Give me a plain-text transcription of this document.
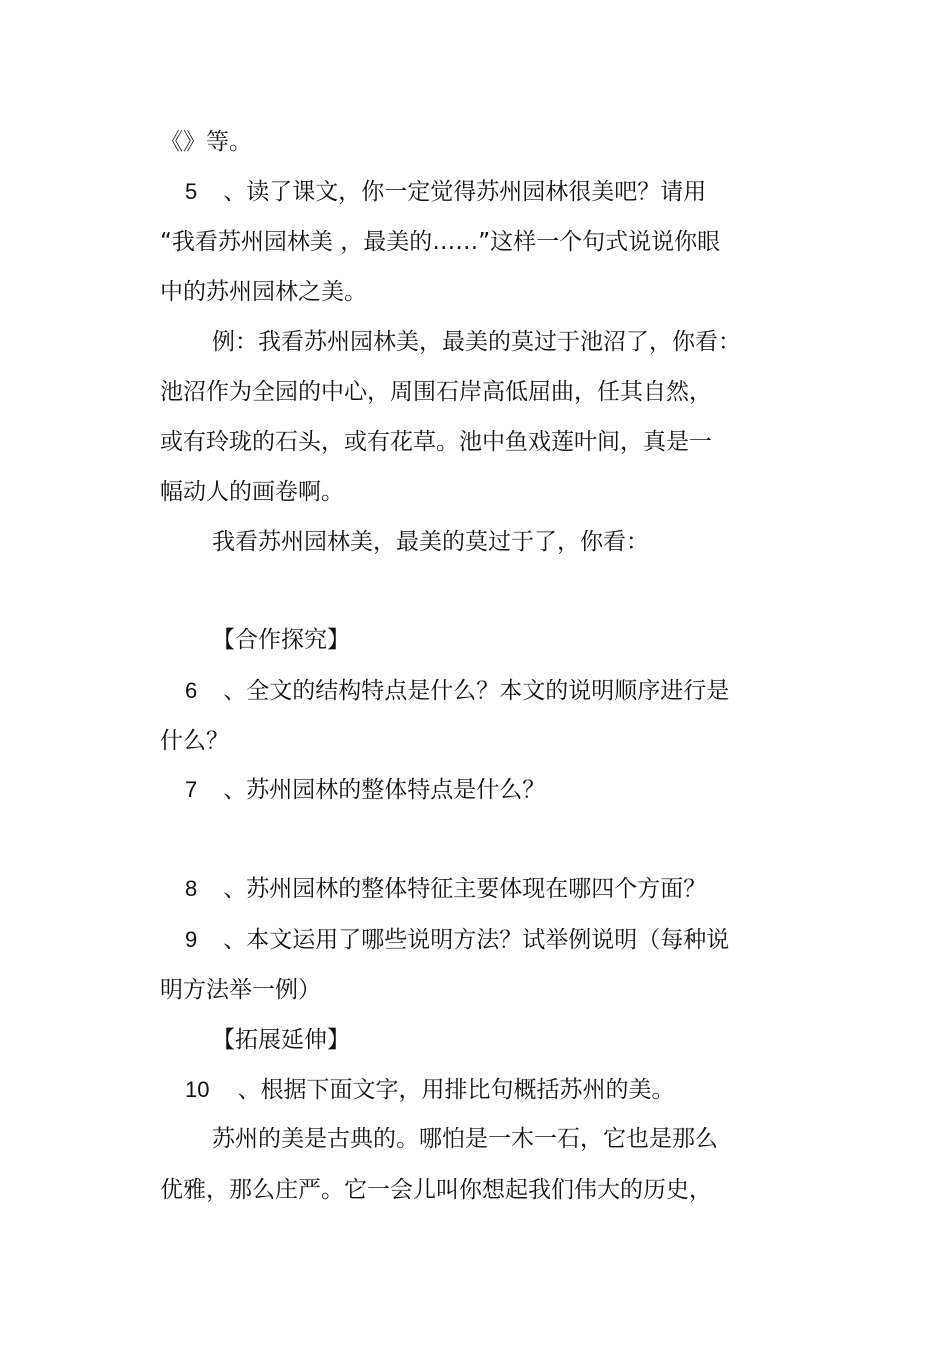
《》等。
5 、读了课文，你一定觉得苏州园林很美吧？请用
“我看苏州园林美 ，最美的……”这样一个句式说说你眼
中的苏州园林之美。
例：我看苏州园林美，最美的莫过于池沼了，你看：
池沼作为全园的中心，周围石岸高低屈曲，任其自然，
或有玲珑的石头，或有花草。池中鱼戏莲叶间，真是一
幅动人的画卷啊。
我看苏州园林美，最美的莫过于了，你看：
【合作探究】
6 、全文的结构特点是什么？本文的说明顺序进行是
什么？
7 、苏州园林的整体特点是什么？
8 、苏州园林的整体特征主要体现在哪四个方面？
9 、本文运用了哪些说明方法？试举例说明（每种说
明方法举一例）
【拓展延伸】
10 、根据下面文字，用排比句概括苏州的美。
苏州的美是古典的。哪怕是一木一石，它也是那么
优雅，那么庄严。它一会儿叫你想起我们伟大的历史，
